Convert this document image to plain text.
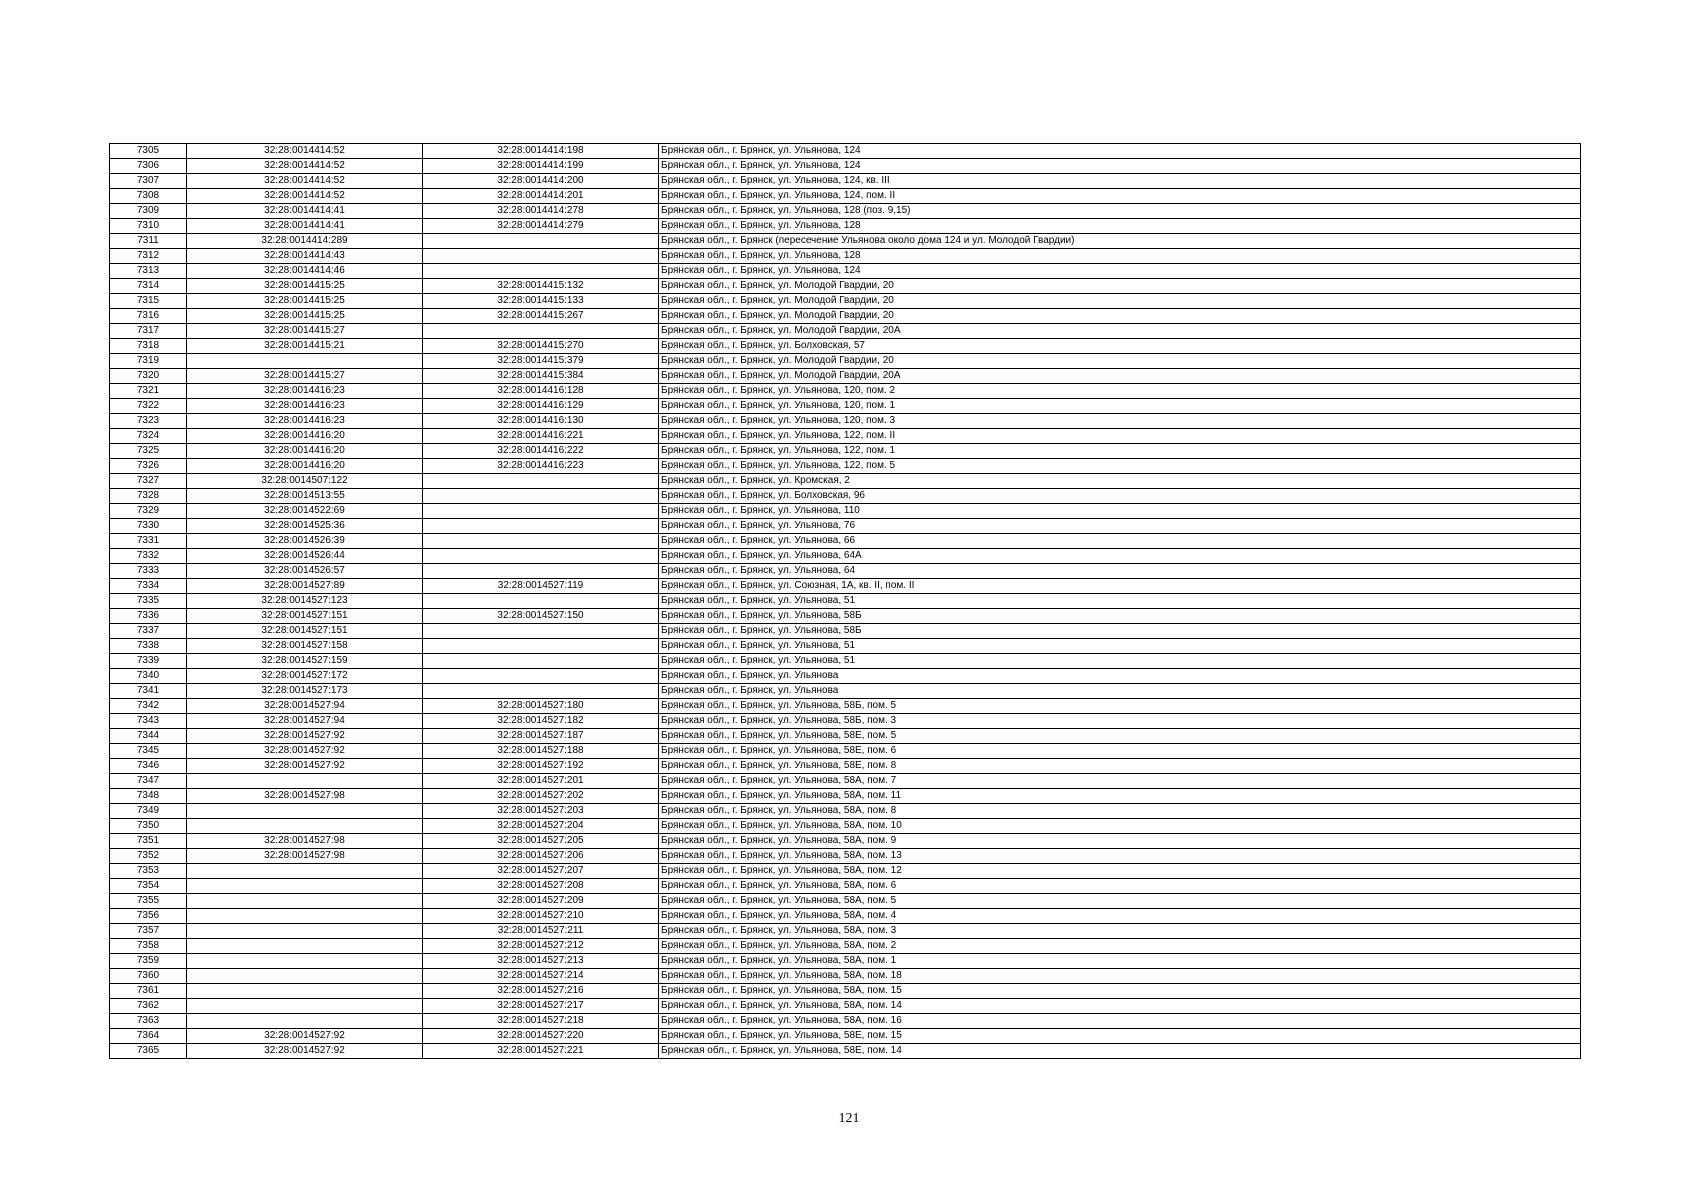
7305	32:28:0014414:52	32:28:0014414:198	Брянская обл., г. Брянск, ул. Ульянова, 124
7306	32:28:0014414:52	32:28:0014414:199	Брянская обл., г. Брянск, ул. Ульянова, 124
7307	32:28:0014414:52	32:28:0014414:200	Брянская обл., г. Брянск, ул. Ульянова, 124, кв. III
7308	32:28:0014414:52	32:28:0014414:201	Брянская обл., г. Брянск, ул. Ульянова, 124, пом. II
7309	32:28:0014414:41	32:28:0014414:278	Брянская обл., г. Брянск, ул. Ульянова, 128 (поз. 9,15)
7310	32:28:0014414:41	32:28:0014414:279	Брянская обл., г. Брянск, ул. Ульянова, 128
7311	32:28:0014414:289		Брянская обл., г. Брянск (пересечение Ульянова около дома 124 и ул. Молодой Гвардии)
7312	32:28:0014414:43		Брянская обл., г. Брянск, ул. Ульянова, 128
7313	32:28:0014414:46		Брянская обл., г. Брянск, ул. Ульянова, 124
7314	32:28:0014415:25	32:28:0014415:132	Брянская обл., г. Брянск, ул. Молодой Гвардии, 20
7315	32:28:0014415:25	32:28:0014415:133	Брянская обл., г. Брянск, ул. Молодой Гвардии, 20
7316	32:28:0014415:25	32:28:0014415:267	Брянская обл., г. Брянск, ул. Молодой Гвардии, 20
7317	32:28:0014415:27		Брянская обл., г. Брянск, ул. Молодой Гвардии, 20А
7318	32:28:0014415:21	32:28:0014415:270	Брянская обл., г. Брянск, ул. Болховская, 57
7319		32:28:0014415:379	Брянская обл., г. Брянск, ул. Молодой Гвардии, 20
7320	32:28:0014415:27	32:28:0014415:384	Брянская обл., г. Брянск, ул. Молодой Гвардии, 20А
7321	32:28:0014416:23	32:28:0014416:128	Брянская обл., г. Брянск, ул. Ульянова, 120, пом. 2
7322	32:28:0014416:23	32:28:0014416:129	Брянская обл., г. Брянск, ул. Ульянова, 120, пом. 1
7323	32:28:0014416:23	32:28:0014416:130	Брянская обл., г. Брянск, ул. Ульянова, 120, пом. 3
7324	32:28:0014416:20	32:28:0014416:221	Брянская обл., г. Брянск, ул. Ульянова, 122, пом. II
7325	32:28:0014416:20	32:28:0014416:222	Брянская обл., г. Брянск, ул. Ульянова, 122, пом. 1
7326	32:28:0014416:20	32:28:0014416:223	Брянская обл., г. Брянск, ул. Ульянова, 122, пом. 5
7327	32:28:0014507:122		Брянская обл., г. Брянск, ул. Кромская, 2
7328	32:28:0014513:55		Брянская обл., г. Брянск, ул. Болховская, 96
7329	32:28:0014522:69		Брянская обл., г. Брянск, ул. Ульянова, 110
7330	32:28:0014525:36		Брянская обл., г. Брянск, ул. Ульянова, 76
7331	32:28:0014526:39		Брянская обл., г. Брянск, ул. Ульянова, 66
7332	32:28:0014526:44		Брянская обл., г. Брянск, ул. Ульянова, 64А
7333	32:28:0014526:57		Брянская обл., г. Брянск, ул. Ульянова, 64
7334	32:28:0014527:89	32:28:0014527:119	Брянская обл., г. Брянск, ул. Союзная, 1А, кв. II, пом. II
7335	32:28:0014527:123		Брянская обл., г. Брянск, ул. Ульянова, 51
7336	32:28:0014527:151	32:28:0014527:150	Брянская обл., г. Брянск, ул. Ульянова, 58Б
7337	32:28:0014527:151		Брянская обл., г. Брянск, ул. Ульянова, 58Б
7338	32:28:0014527:158		Брянская обл., г. Брянск, ул. Ульянова, 51
7339	32:28:0014527:159		Брянская обл., г. Брянск, ул. Ульянова, 51
7340	32:28:0014527:172		Брянская обл., г. Брянск, ул. Ульянова
7341	32:28:0014527:173		Брянская обл., г. Брянск, ул. Ульянова
7342	32:28:0014527:94	32:28:0014527:180	Брянская обл., г. Брянск, ул. Ульянова, 58Б, пом. 5
7343	32:28:0014527:94	32:28:0014527:182	Брянская обл., г. Брянск, ул. Ульянова, 58Б, пом. 3
7344	32:28:0014527:92	32:28:0014527:187	Брянская обл., г. Брянск, ул. Ульянова, 58Е, пом. 5
7345	32:28:0014527:92	32:28:0014527:188	Брянская обл., г. Брянск, ул. Ульянова, 58Е, пом. 6
7346	32:28:0014527:92	32:28:0014527:192	Брянская обл., г. Брянск, ул. Ульянова, 58Е, пом. 8
7347		32:28:0014527:201	Брянская обл., г. Брянск, ул. Ульянова, 58А, пом. 7
7348	32:28:0014527:98	32:28:0014527:202	Брянская обл., г. Брянск, ул. Ульянова, 58А, пом. 11
7349		32:28:0014527:203	Брянская обл., г. Брянск, ул. Ульянова, 58А, пом. 8
7350		32:28:0014527:204	Брянская обл., г. Брянск, ул. Ульянова, 58А, пом. 10
7351	32:28:0014527:98	32:28:0014527:205	Брянская обл., г. Брянск, ул. Ульянова, 58А, пом. 9
7352	32:28:0014527:98	32:28:0014527:206	Брянская обл., г. Брянск, ул. Ульянова, 58А, пом. 13
7353		32:28:0014527:207	Брянская обл., г. Брянск, ул. Ульянова, 58А, пом. 12
7354		32:28:0014527:208	Брянская обл., г. Брянск, ул. Ульянова, 58А, пом. 6
7355		32:28:0014527:209	Брянская обл., г. Брянск, ул. Ульянова, 58А, пом. 5
7356		32:28:0014527:210	Брянская обл., г. Брянск, ул. Ульянова, 58А, пом. 4
7357		32:28:0014527:211	Брянская обл., г. Брянск, ул. Ульянова, 58А, пом. 3
7358		32:28:0014527:212	Брянская обл., г. Брянск, ул. Ульянова, 58А, пом. 2
7359		32:28:0014527:213	Брянская обл., г. Брянск, ул. Ульянова, 58А, пом. 1
7360		32:28:0014527:214	Брянская обл., г. Брянск, ул. Ульянова, 58А, пом. 18
7361		32:28:0014527:216	Брянская обл., г. Брянск, ул. Ульянова, 58А, пом. 15
7362		32:28:0014527:217	Брянская обл., г. Брянск, ул. Ульянова, 58А, пом. 14
7363		32:28:0014527:218	Брянская обл., г. Брянск, ул. Ульянова, 58А, пом. 16
7364	32:28:0014527:92	32:28:0014527:220	Брянская обл., г. Брянск, ул. Ульянова, 58Е, пом. 15
7365	32:28:0014527:92	32:28:0014527:221	Брянская обл., г. Брянск, ул. Ульянова, 58Е, пом. 14
121
